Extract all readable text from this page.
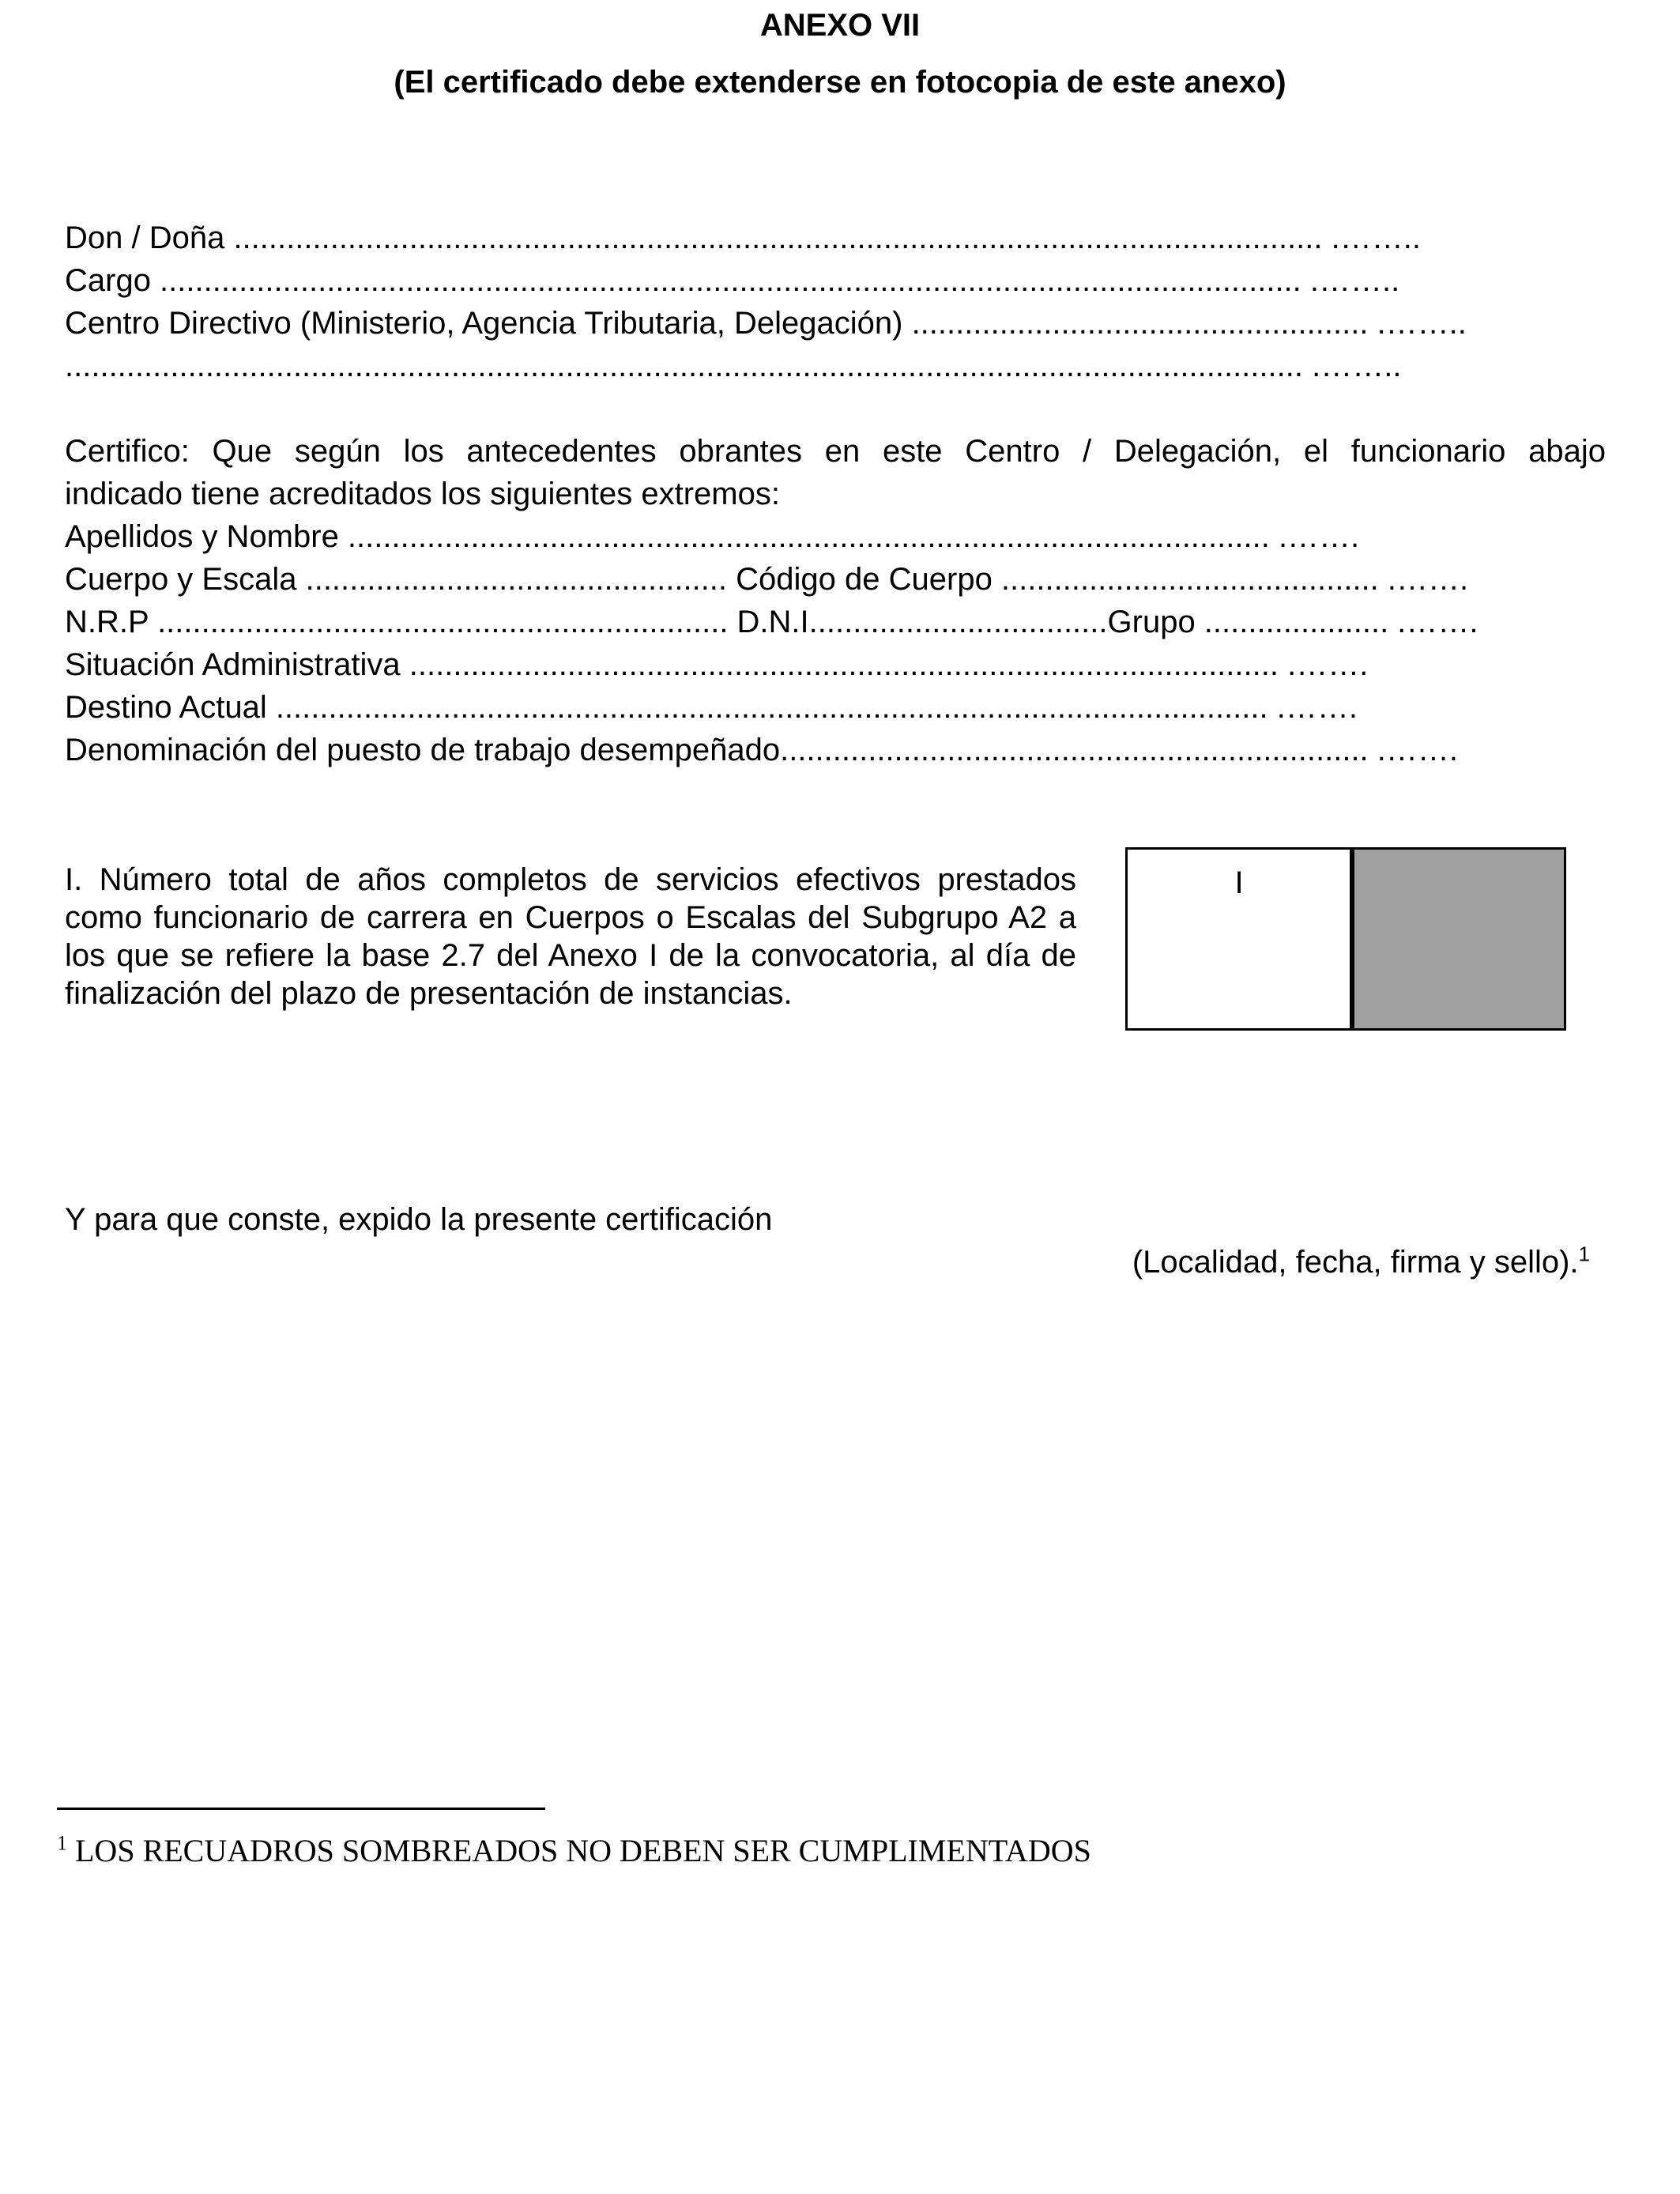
ANEXO VII
(El certificado debe extenderse en fotocopia de este anexo)
Don / Doña ............................................................................................................................ .……..
Cargo .................................................................................................................................. .……..
Centro Directivo (Ministerio, Agencia Tributaria, Delegación) .................................................... .……..
............................................................................................................................................. .……..
Certifico: Que según los antecedentes obrantes en este Centro / Delegación, el funcionario abajo
indicado tiene acreditados los siguientes extremos:
Apellidos y Nombre ......................................................................................................... .…….
Cuerpo y Escala ................................................ Código de Cuerpo ........................................... .…….
N.R.P ................................................................. D.N.I..................................Grupo ..................... .…….
Situación Administrativa ................................................................................................... .…….
Destino Actual ................................................................................................................. .…….
Denominación del puesto de trabajo desempeñado................................................................... .…….
I. Número total de años completos de servicios efectivos prestados como funcionario de carrera en Cuerpos o Escalas del Subgrupo A2 a los que se refiere la base 2.7 del Anexo I de la convocatoria, al día de finalización del plazo de presentación de instancias.
I
Y para que conste, expido la presente certificación
(Localidad, fecha, firma y sello).$^1$
$^1$ LOS RECUADROS SOMBREADOS NO DEBEN SER CUMPLIMENTADOS
